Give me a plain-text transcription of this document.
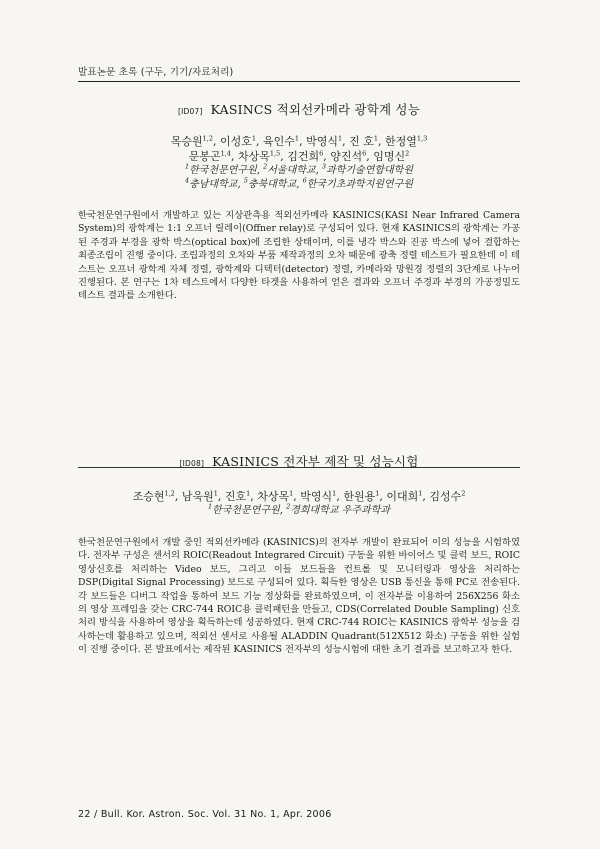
발표논문 초록 (구두, 기기/자료처리)
[ID07] KASINCS 적외선카메라 광학계 성능
목승원$^{1,2}$, 이성호$^1$, 육인수$^1$, 박영식$^1$, 진 호$^1$, 한정열$^{1,3}$
문봉곤$^{1,4}$, 차상목$^{1,5}$, 김건희$^6$, 양진석$^6$, 임명신$^2$
$^1$한국천문연구원, $^2$서울대학교, $^3$과학기술연합대학원
$^4$충남대학교, $^5$충북대학교, $^6$한국기초과학지원연구원
한국천문연구원에서 개발하고 있는 지상관측용 적외선카메라 KASINICS(KASI Near Infrared Camera System)의 광학계는 1:1 오프너 릴레이(Offner relay)로 구성되어 있다. 현재 KASINICS의 광학계는 가공된 주경과 부경을 광학 박스(optical box)에 조립한 상태이며, 이를 냉각 박스와 진공 박스에 넣어 결합하는 최종조립이 진행 중이다. 조립과정의 오차와 부품 제작과정의 오차 때문에 광축 정렬 테스트가 필요한데 이 테스트는 오프너 광학계 자체 정렬, 광학계와 디텍터(detector) 정렬, 카메라와 망원경 정렬의 3단계로 나누어 진행된다. 본 연구는 1차 테스트에서 다양한 타겟을 사용하여 얻은 결과와 오프너 주경과 부경의 가공정밀도 테스트 결과를 소개한다.
[ID08] KASINICS 전자부 제작 및 성능시험
조승현$^{1,2}$, 남욱원$^1$, 진호$^1$, 차상목$^1$, 박영식$^1$, 한원용$^1$, 이대희$^1$, 김성수$^2$
$^1$한국천문연구원, $^2$경희대학교 우주과학과
한국천문연구원에서 개발 중인 적외선카메라 (KASINICS)의 전자부 개발이 완료되어 이의 성능을 시험하였다. 전자부 구성은 센서의 ROIC(Readout Integrared Circuit) 구동을 위한 바이어스 및 클럭 보드, ROIC 영상신호를 처리하는 Video 보드, 그리고 이들 보드들을 컨트롤 및 모니터링과 영상을 처리하는 DSP(Digital Signal Processing) 보드로 구성되어 있다. 획득한 영상은 USB 통신을 통해 PC로 전송된다. 각 보드들은 디버그 작업을 통하여 보드 기능 정상화를 완료하였으며, 이 전자부를 이용하여 256X256 화소의 영상 프레임을 갖는 CRC-744 ROIC용 클럭패턴을 만들고, CDS(Correlated Double Sampling) 신호처리 방식을 사용하여 영상을 획득하는데 성공하였다. 현재 CRC-744 ROIC는 KASINICS 광학부 성능을 검사하는데 활용하고 있으며, 적외선 센서로 사용될 ALADDIN Quadrant(512X512 화소) 구동을 위한 실험이 진행 중이다. 본 발표에서는 제작된 KASINICS 전자부의 성능시험에 대한 초기 결과를 보고하고자 한다.
22 / Bull. Kor. Astron. Soc. Vol. 31 No. 1, Apr. 2006
